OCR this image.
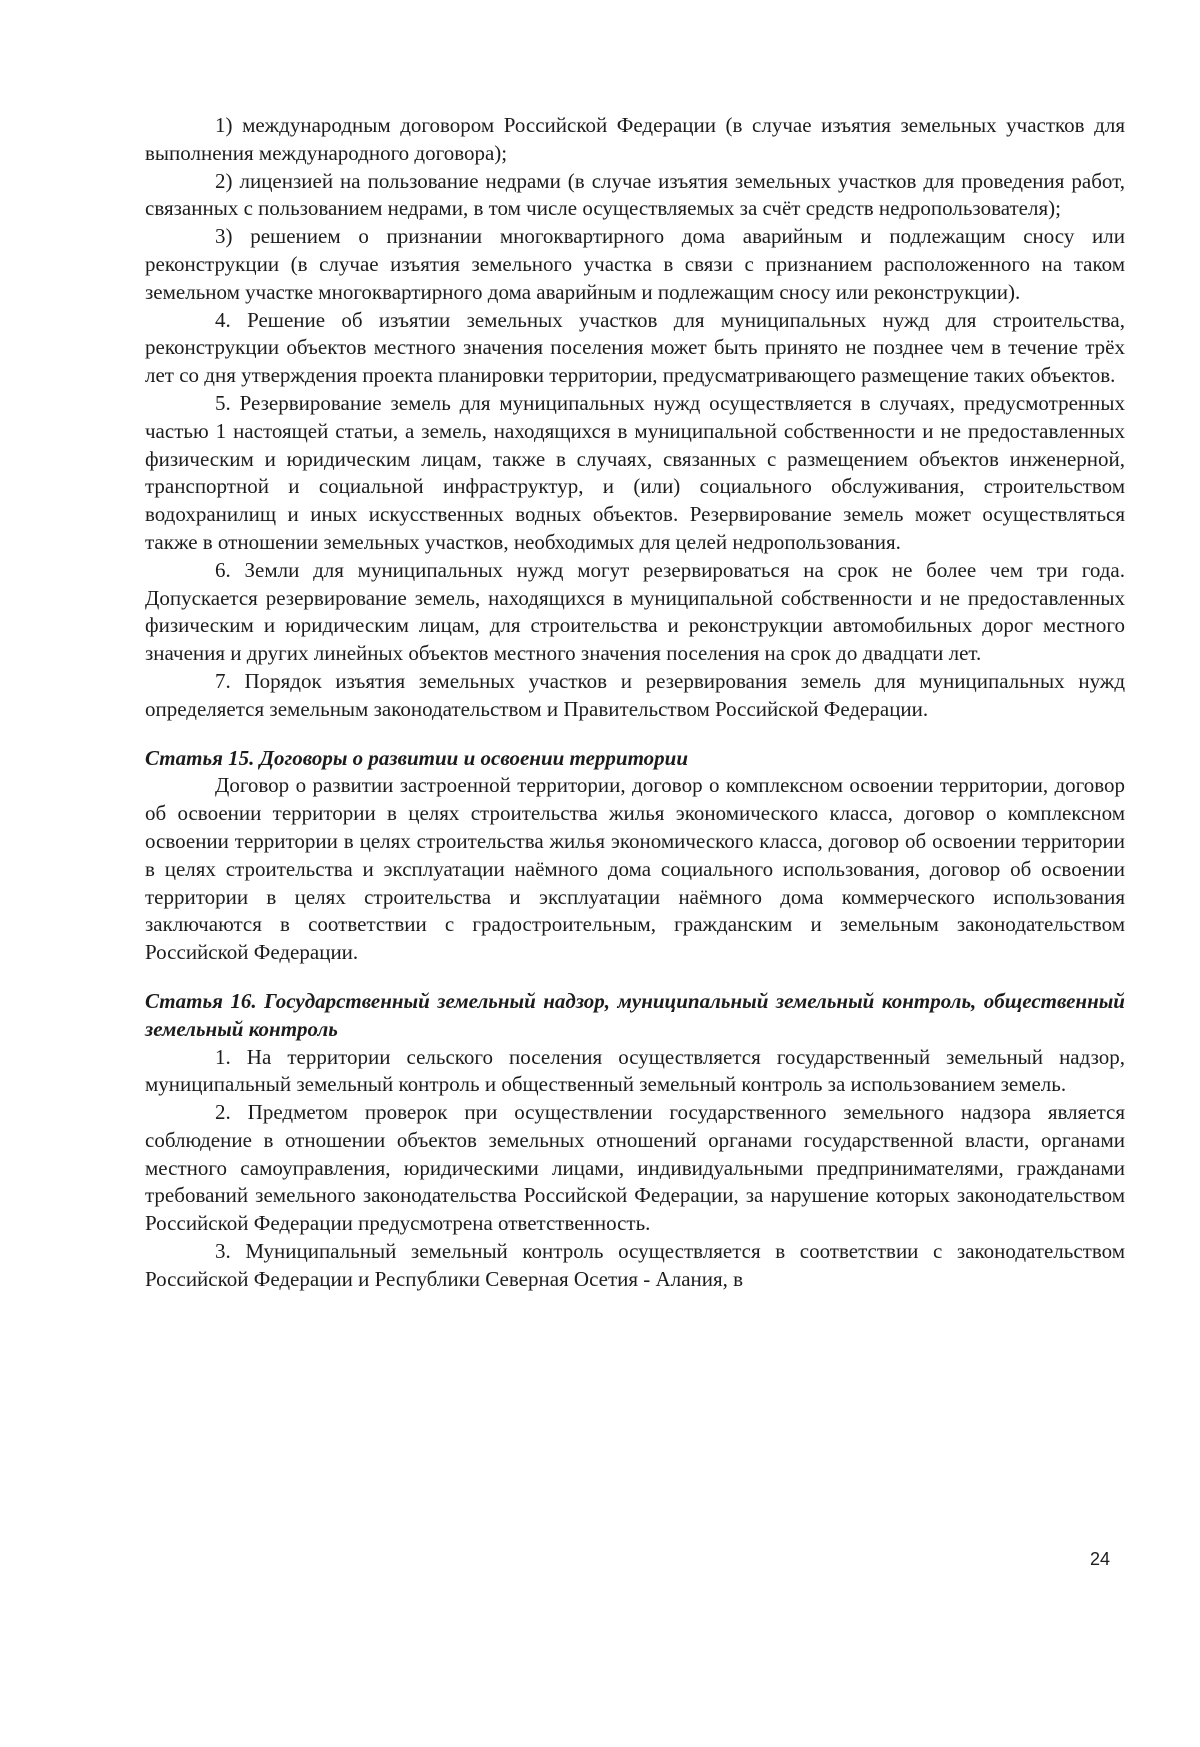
1) международным договором Российской Федерации (в случае изъятия земельных участков для выполнения международного договора);

2) лицензией на пользование недрами (в случае изъятия земельных участков для проведения работ, связанных с пользованием недрами, в том числе осуществляемых за счёт средств недропользователя);

3) решением о признании многоквартирного дома аварийным и подлежащим сносу или реконструкции (в случае изъятия земельного участка в связи с признанием расположенного на таком земельном участке многоквартирного дома аварийным и подлежащим сносу или реконструкции).

4. Решение об изъятии земельных участков для муниципальных нужд для строительства, реконструкции объектов местного значения поселения может быть принято не позднее чем в течение трёх лет со дня утверждения проекта планировки территории, предусматривающего размещение таких объектов.

5. Резервирование земель для муниципальных нужд осуществляется в случаях, предусмотренных частью 1 настоящей статьи, а земель, находящихся в муниципальной собственности и не предоставленных физическим и юридическим лицам, также в случаях, связанных с размещением объектов инженерной, транспортной и социальной инфраструктур, и (или) социального обслуживания, строительством водохранилищ и иных искусственных водных объектов. Резервирование земель может осуществляться также в отношении земельных участков, необходимых для целей недропользования.

6. Земли для муниципальных нужд могут резервироваться на срок не более чем три года. Допускается резервирование земель, находящихся в муниципальной собственности и не предоставленных физическим и юридическим лицам, для строительства и реконструкции автомобильных дорог местного значения и других линейных объектов местного значения поселения на срок до двадцати лет.

7. Порядок изъятия земельных участков и резервирования земель для муниципальных нужд определяется земельным законодательством и Правительством Российской Федерации.

Статья 15. Договоры о развитии и освоении территории

Договор о развитии застроенной территории, договор о комплексном освоении территории, договор об освоении территории в целях строительства жилья экономического класса, договор о комплексном освоении территории в целях строительства жилья экономического класса, договор об освоении территории в целях строительства и эксплуатации наёмного дома социального использования, договор об освоении территории в целях строительства и эксплуатации наёмного дома коммерческого использования заключаются в соответствии с градостроительным, гражданским и земельным законодательством Российской Федерации.

Статья 16. Государственный земельный надзор, муниципальный земельный контроль, общественный земельный контроль

1. На территории сельского поселения осуществляется государственный земельный надзор, муниципальный земельный контроль и общественный земельный контроль за использованием земель.

2. Предметом проверок при осуществлении государственного земельного надзора является соблюдение в отношении объектов земельных отношений органами государственной власти, органами местного самоуправления, юридическими лицами, индивидуальными предпринимателями, гражданами требований земельного законодательства Российской Федерации, за нарушение которых законодательством Российской Федерации предусмотрена ответственность.

3. Муниципальный земельный контроль осуществляется в соответствии с законодательством Российской Федерации и Республики Северная Осетия - Алания, в

24
